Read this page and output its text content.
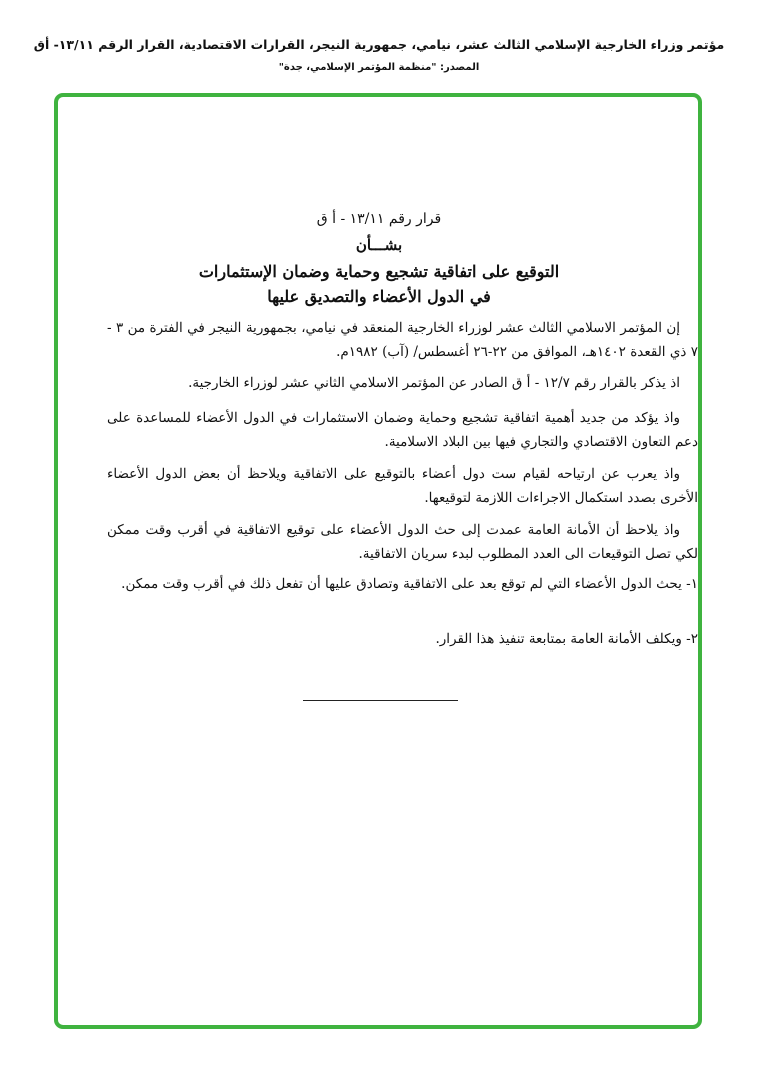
مؤتمر وزراء الخارجية الإسلامي الثالث عشر، نيامي، جمهورية النيجر، القرارات الاقتصادية، القرار الرقم ١٣/١١- أق
المصدر: "منظمة المؤتمر الإسلامي، جدة"
قرار رقم ١٣/١١ - أ ق
بشـــأن
التوقيع على اتفاقية تشجيع وحماية وضمان الإستثمارات
في الدول الأعضاء والتصديق عليها

إن المؤتمر الاسلامي الثالث عشر لوزراء الخارجية المنعقد في نيامي، بجمهورية النيجر في الفترة من ٣ - ٧ ذي القعدة ١٤٠٢هـ، الموافق من ٢٢-٢٦ أغسطس/ (آب) ١٩٨٢م.

اذ يذكر بالقرار رقم ١٢/٧ - أ ق الصادر عن المؤتمر الاسلامي الثاني عشر لوزراء الخارجية.

واذ يؤكد من جديد أهمية اتفاقية تشجيع وحماية وضمان الاستثمارات في الدول الأعضاء للمساعدة على دعم التعاون الاقتصادي والتجاري فيها بين البلاد الاسلامية.

واذ يعرب عن ارتياحه لقيام ست دول أعضاء بالتوقيع على الاتفاقية ويلاحظ أن بعض الدول الأعضاء الأخرى بصدد استكمال الاجراءات اللازمة لتوقيعها.

واذ يلاحظ أن الأمانة العامة عمدت إلى حث الدول الأعضاء على توقيع الاتفاقية في أقرب وقت ممكن لكي تصل التوقيعات الى العدد المطلوب لبدء سريان الاتفاقية.

١- يحث الدول الأعضاء التي لم توقع بعد على الاتفاقية وتصادق عليها أن تفعل ذلك في أقرب وقت ممكن.

٢- ويكلف الأمانة العامة بمتابعة تنفيذ هذا القرار.
